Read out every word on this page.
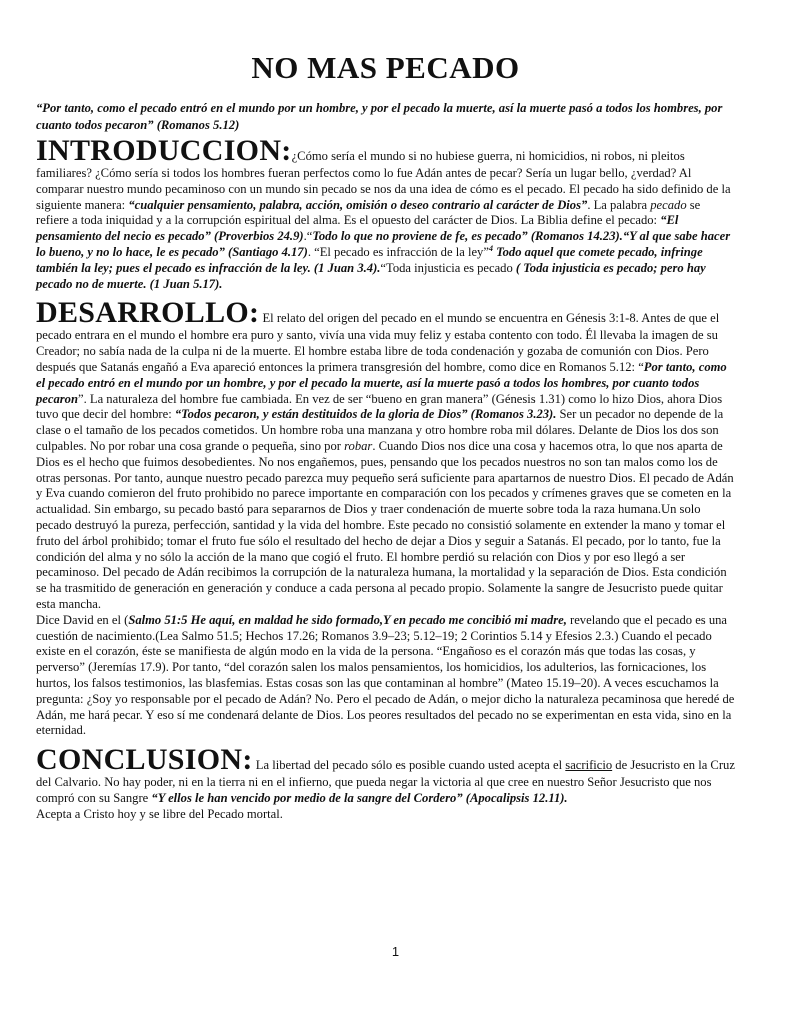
NO MAS PECADO

“Por tanto, como el pecado entró en el mundo por un hombre, y por el pecado la muerte, así la muerte pasó a todos los hombres, por cuanto todos pecaron” (Romanos 5.12)

INTRODUCCION:¿Cómo sería el mundo si no hubiese guerra, ni homicidios, ni robos, ni pleitos familiares? ¿Cómo sería si todos los hombres fueran perfectos como lo fue Adán antes de pecar? Sería un lugar bello, ¿verdad? Al comparar nuestro mundo pecaminoso con un mundo sin pecado se nos da una idea de cómo es el pecado. El pecado ha sido definido de la siguiente manera: “cualquier pensamiento, palabra, acción, omisión o deseo contrario al carácter de Dios”. La palabra pecado se refiere a toda iniquidad y a la corrupción espiritual del alma. Es el opuesto del carácter de Dios. La Biblia define el pecado: “El pensamiento del necio es pecado” (Proverbios 24.9).“Todo lo que no proviene de fe, es pecado” (Romanos 14.23).“Y al que sabe hacer lo bueno, y no lo hace, le es pecado” (Santiago 4.17). “El pecado es infracción de la ley”$^4$ Todo aquel que comete pecado, infringe también la ley; pues el pecado es infracción de la ley. (1 Juan 3.4).“Toda injusticia es pecado ( Toda injusticia es pecado; pero hay pecado no de muerte. (1 Juan 5.17).

DESARROLLO: El relato del origen del pecado en el mundo se encuentra en Génesis 3:1-8. Antes de que el pecado entrara en el mundo el hombre era puro y santo, vivía una vida muy feliz y estaba contento con todo. Él llevaba la imagen de su Creador; no sabía nada de la culpa ni de la muerte. El hombre estaba libre de toda condenación y gozaba de comunión con Dios. Pero después que Satanás engañó a Eva apareció entonces la primera transgresión del hombre, como dice en Romanos 5.12: “Por tanto, como el pecado entró en el mundo por un hombre, y por el pecado la muerte, así la muerte pasó a todos los hombres, por cuanto todos pecaron”. La naturaleza del hombre fue cambiada. En vez de ser “bueno en gran manera” (Génesis 1.31) como lo hizo Dios, ahora Dios tuvo que decir del hombre: “Todos pecaron, y están destituidos de la gloria de Dios” (Romanos 3.23). Ser un pecador no depende de la clase o el tamaño de los pecados cometidos. Un hombre roba una manzana y otro hombre roba mil dólares. Delante de Dios los dos son culpables. No por robar una cosa grande o pequeña, sino por robar. Cuando Dios nos dice una cosa y hacemos otra, lo que nos aparta de Dios es el hecho que fuimos desobedientes. No nos engañemos, pues, pensando que los pecados nuestros no son tan malos como los de otras personas. Por tanto, aunque nuestro pecado parezca muy pequeño será suficiente para apartarnos de nuestro Dios. El pecado de Adán y Eva cuando comieron del fruto prohibido no parece importante en comparación con los pecados y crímenes graves que se cometen en la actualidad. Sin embargo, su pecado bastó para separarnos de Dios y traer condenación de muerte sobre toda la raza humana.Un solo pecado destruyó la pureza, perfección, santidad y la vida del hombre. Este pecado no consistió solamente en extender la mano y tomar el fruto del árbol prohibido; tomar el fruto fue sólo el resultado del hecho de dejar a Dios y seguir a Satanás. El pecado, por lo tanto, fue la condición del alma y no sólo la acción de la mano que cogió el fruto. El hombre perdió su relación con Dios y por eso llegó a ser pecaminoso. Del pecado de Adán recibimos la corrupción de la naturaleza humana, la mortalidad y la separación de Dios. Esta condición se ha trasmitido de generación en generación y conduce a cada persona al pecado propio. Solamente la sangre de Jesucristo puede quitar esta mancha.

Dice David en el (Salmo 51:5 He aquí, en maldad he sido formado,Y en pecado me concibió mi madre, revelando que el pecado es una cuestión de nacimiento.(Lea Salmo 51.5; Hechos 17.26; Romanos 3.9–23; 5.12–19; 2 Corintios 5.14 y Efesios 2.3.) Cuando el pecado existe en el corazón, éste se manifiesta de algún modo en la vida de la persona. “Engañoso es el corazón más que todas las cosas, y perverso” (Jeremías 17.9). Por tanto, “del corazón salen los malos pensamientos, los homicidios, los adulterios, las fornicaciones, los hurtos, los falsos testimonios, las blasfemias. Estas cosas son las que contaminan al hombre” (Mateo 15.19–20). A veces escuchamos la pregunta: ¿Soy yo responsable por el pecado de Adán? No. Pero el pecado de Adán, o mejor dicho la naturaleza pecaminosa que heredé de Adán, me hará pecar. Y eso sí me condenará delante de Dios. Los peores resultados del pecado no se experimentan en esta vida, sino en la eternidad.

CONCLUSION: La libertad del pecado sólo es posible cuando usted acepta el sacrificio de Jesucristo en la Cruz del Calvario. No hay poder, ni en la tierra ni en el infierno, que pueda negar la victoria al que cree en nuestro Señor Jesucristo que nos compró con su Sangre “Y ellos le han vencido por medio de la sangre del Cordero” (Apocalipsis 12.11).

Acepta a Cristo hoy y se libre del Pecado mortal.

1
